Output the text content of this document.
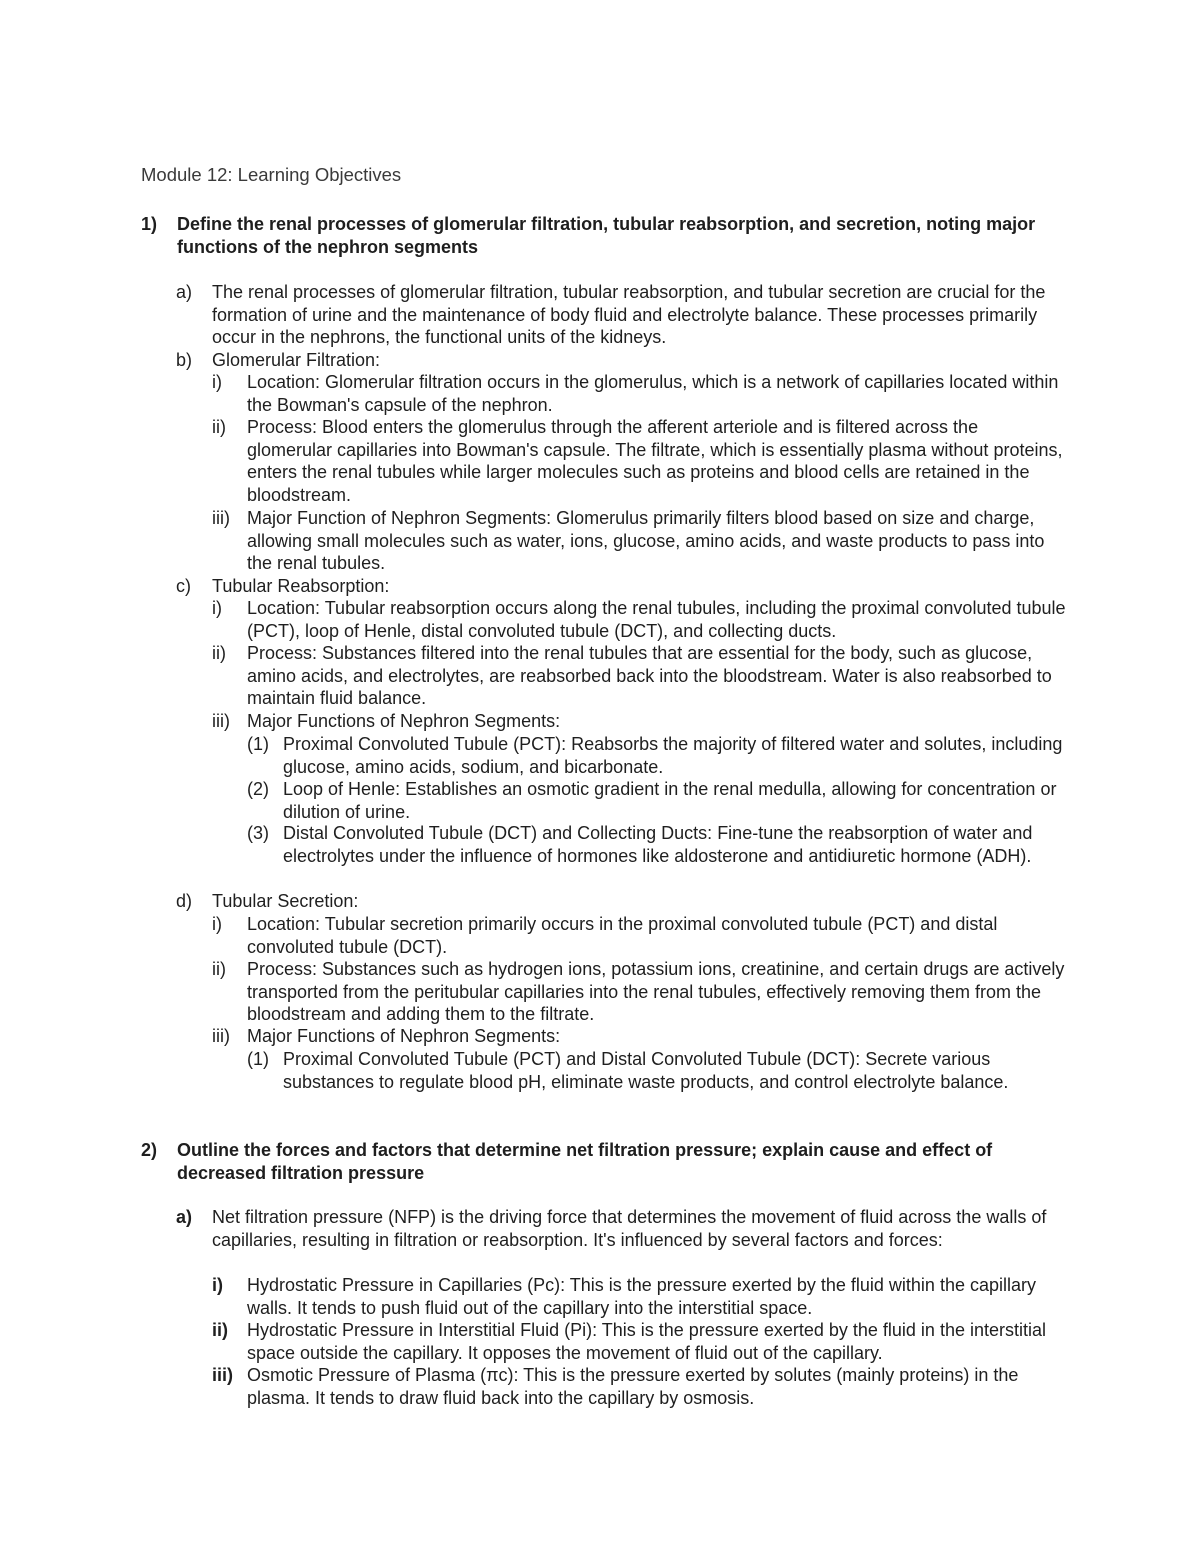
Module 12: Learning Objectives
1) Define the renal processes of glomerular filtration, tubular reabsorption, and secretion, noting major functions of the nephron segments
a) The renal processes of glomerular filtration, tubular reabsorption, and tubular secretion are crucial for the formation of urine and the maintenance of body fluid and electrolyte balance. These processes primarily occur in the nephrons, the functional units of the kidneys.
b) Glomerular Filtration:
i) Location: Glomerular filtration occurs in the glomerulus, which is a network of capillaries located within the Bowman's capsule of the nephron.
ii) Process: Blood enters the glomerulus through the afferent arteriole and is filtered across the glomerular capillaries into Bowman's capsule. The filtrate, which is essentially plasma without proteins, enters the renal tubules while larger molecules such as proteins and blood cells are retained in the bloodstream.
iii) Major Function of Nephron Segments: Glomerulus primarily filters blood based on size and charge, allowing small molecules such as water, ions, glucose, amino acids, and waste products to pass into the renal tubules.
c) Tubular Reabsorption:
i) Location: Tubular reabsorption occurs along the renal tubules, including the proximal convoluted tubule (PCT), loop of Henle, distal convoluted tubule (DCT), and collecting ducts.
ii) Process: Substances filtered into the renal tubules that are essential for the body, such as glucose, amino acids, and electrolytes, are reabsorbed back into the bloodstream. Water is also reabsorbed to maintain fluid balance.
iii) Major Functions of Nephron Segments:
(1) Proximal Convoluted Tubule (PCT): Reabsorbs the majority of filtered water and solutes, including glucose, amino acids, sodium, and bicarbonate.
(2) Loop of Henle: Establishes an osmotic gradient in the renal medulla, allowing for concentration or dilution of urine.
(3) Distal Convoluted Tubule (DCT) and Collecting Ducts: Fine-tune the reabsorption of water and electrolytes under the influence of hormones like aldosterone and antidiuretic hormone (ADH).
d) Tubular Secretion:
i) Location: Tubular secretion primarily occurs in the proximal convoluted tubule (PCT) and distal convoluted tubule (DCT).
ii) Process: Substances such as hydrogen ions, potassium ions, creatinine, and certain drugs are actively transported from the peritubular capillaries into the renal tubules, effectively removing them from the bloodstream and adding them to the filtrate.
iii) Major Functions of Nephron Segments:
(1) Proximal Convoluted Tubule (PCT) and Distal Convoluted Tubule (DCT): Secrete various substances to regulate blood pH, eliminate waste products, and control electrolyte balance.
2) Outline the forces and factors that determine net filtration pressure; explain cause and effect of decreased filtration pressure
a) Net filtration pressure (NFP) is the driving force that determines the movement of fluid across the walls of capillaries, resulting in filtration or reabsorption. It's influenced by several factors and forces:
i) Hydrostatic Pressure in Capillaries (Pc): This is the pressure exerted by the fluid within the capillary walls. It tends to push fluid out of the capillary into the interstitial space.
ii) Hydrostatic Pressure in Interstitial Fluid (Pi): This is the pressure exerted by the fluid in the interstitial space outside the capillary. It opposes the movement of fluid out of the capillary.
iii) Osmotic Pressure of Plasma (πc): This is the pressure exerted by solutes (mainly proteins) in the plasma. It tends to draw fluid back into the capillary by osmosis.
